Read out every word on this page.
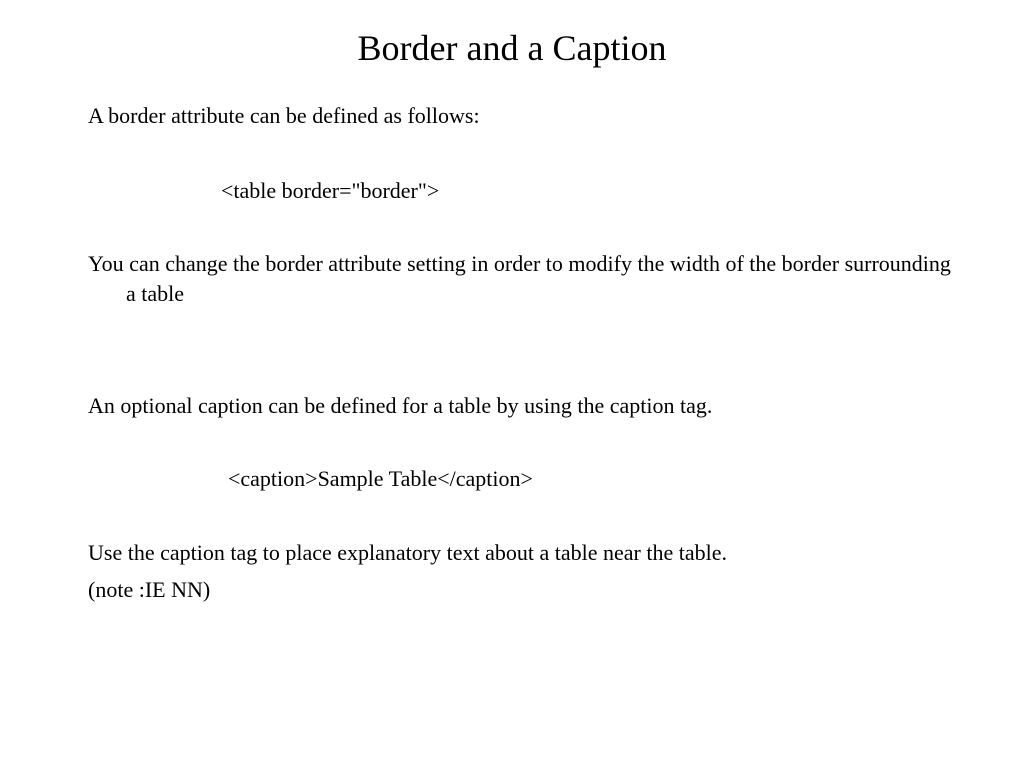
Border and a Caption
A border attribute can be defined as follows:
<table border="border">
You can change the border attribute setting in order to modify the width of the border surrounding a table
An optional caption can be defined for a table by using the caption tag.
<caption>Sample Table</caption>
Use the caption tag to place explanatory text about a table near the table.
(note :IE NN)
